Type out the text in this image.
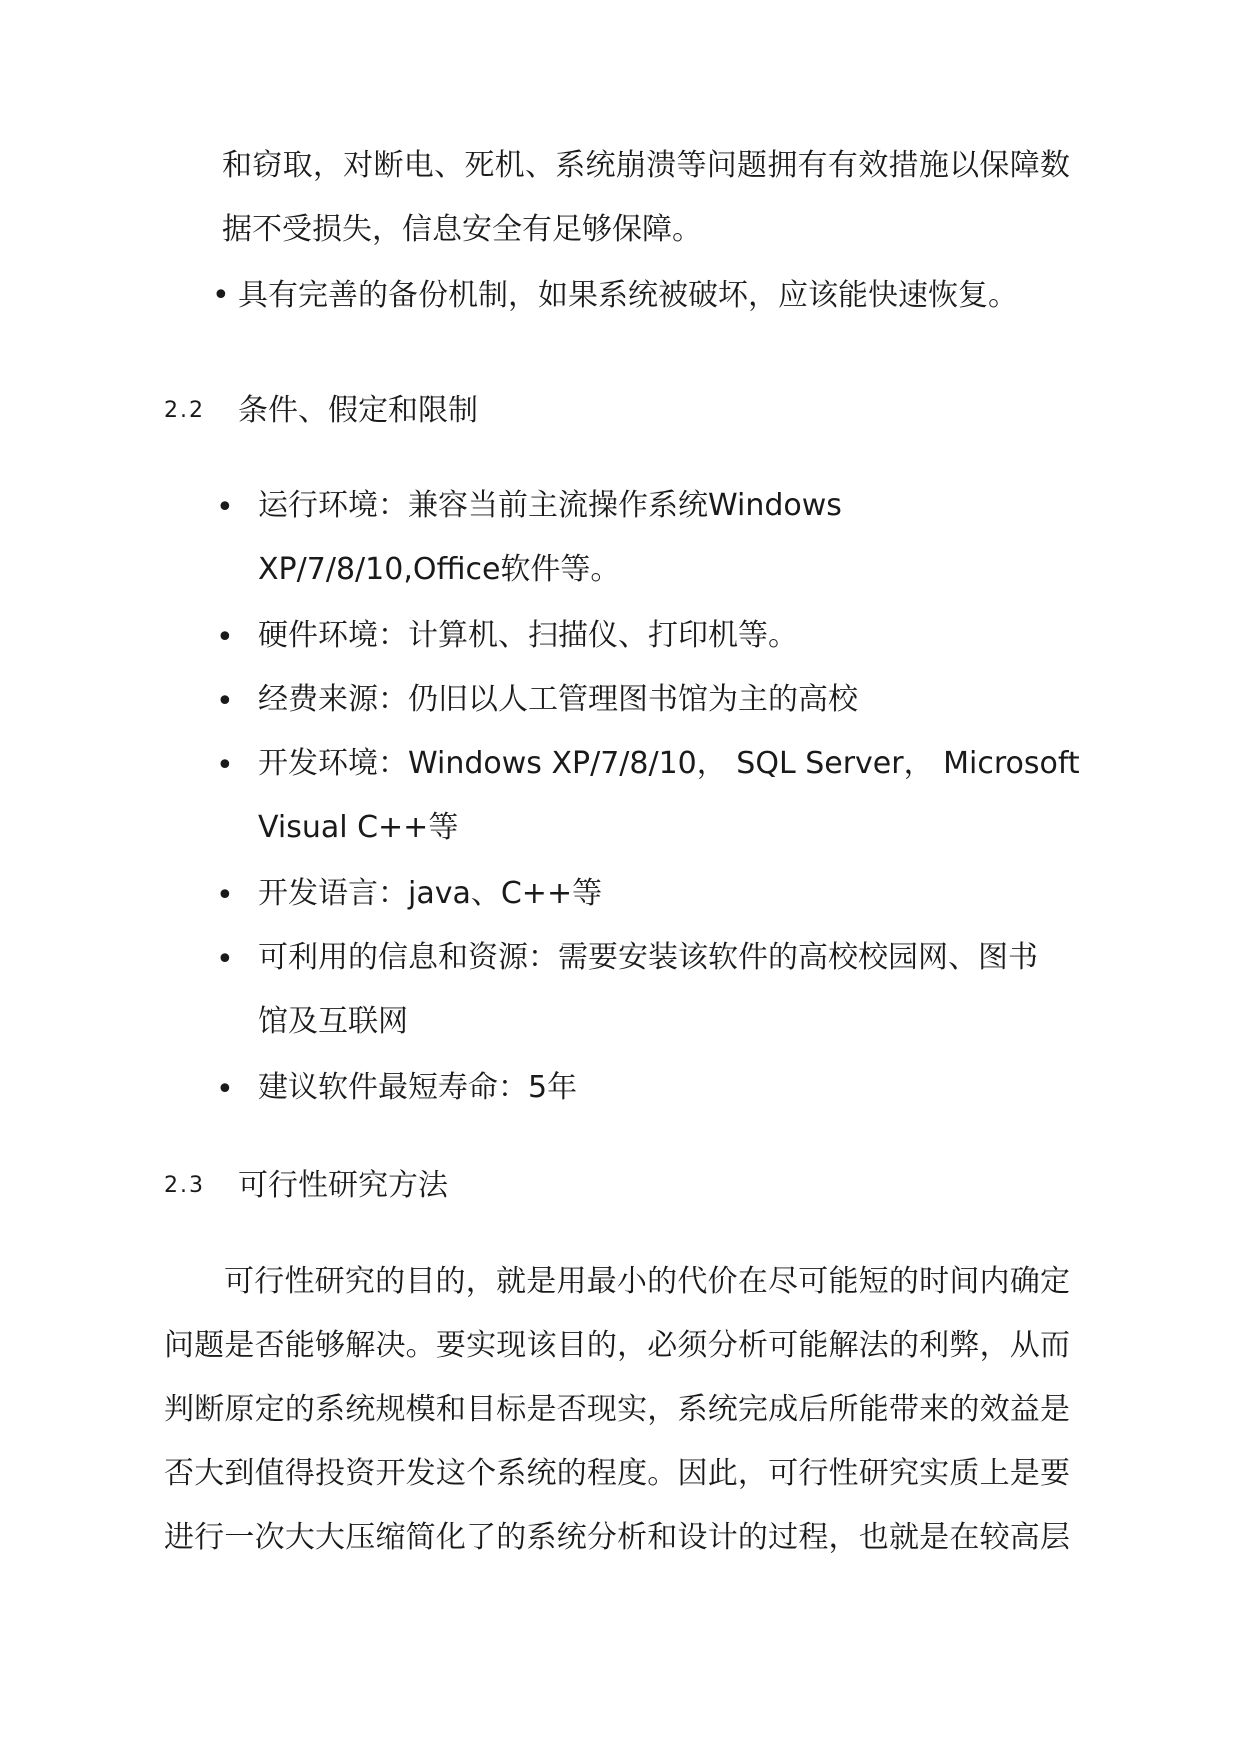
和窃取，对断电、死机、系统崩溃等问题拥有有效措施以保障数
据不受损失，信息安全有足够保障。
• 具有完善的备份机制，如果系统被破坏，应该能快速恢复。
2.2 条件、假定和限制
• 运行环境：兼容当前主流操作系统Windows
XP/7/8/10,Office软件等。
• 硬件环境：计算机、扫描仪、打印机等。
• 经费来源：仍旧以人工管理图书馆为主的高校
• 开发环境：Windows XP/7/8/10， SQL Server， Microsoft
Visual C++等
• 开发语言：java、C++等
• 可利用的信息和资源：需要安装该软件的高校校园网、图书
馆及互联网
• 建议软件最短寿命：5年
2.3 可行性研究方法
可行性研究的目的，就是用最小的代价在尽可能短的时间内确定
问题是否能够解决。要实现该目的，必须分析可能解法的利弊，从而
判断原定的系统规模和目标是否现实，系统完成后所能带来的效益是
否大到值得投资开发这个系统的程度。因此，可行性研究实质上是要
进行一次大大压缩简化了的系统分析和设计的过程，也就是在较高层
